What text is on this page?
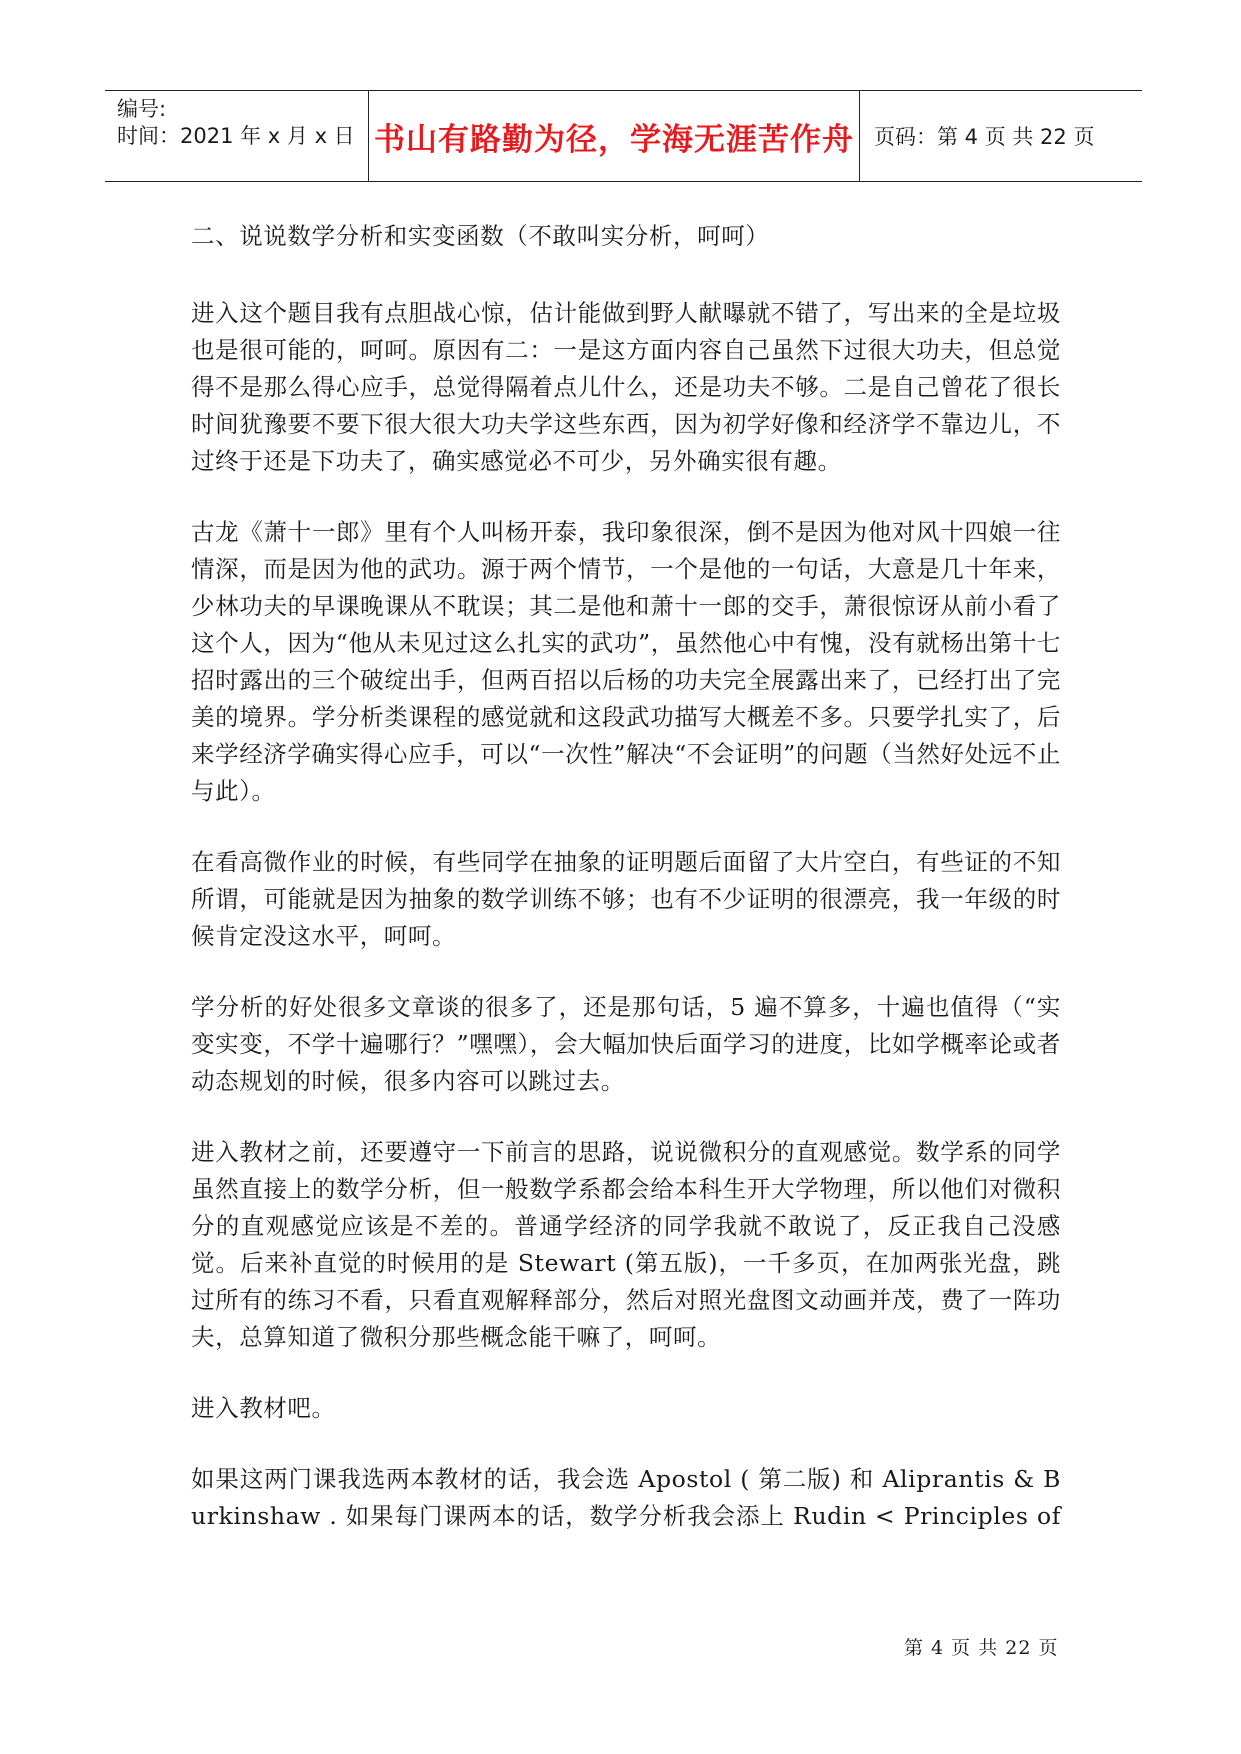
编号:
时间：2021 年 x 月 x 日 书山有路勤为径，学海无涯苦作舟 页码：第 4 页 共 22 页

二、说说数学分析和实变函数（不敢叫实分析，呵呵）

进入这个题目我有点胆战心惊，估计能做到野人献曝就不错了，写出来的全是垃圾也是很可能的，呵呵。原因有二：一是这方面内容自己虽然下过很大功夫，但总觉得不是那么得心应手，总觉得隔着点儿什么，还是功夫不够。二是自己曾花了很长时间犹豫要不要下很大很大功夫学这些东西，因为初学好像和经济学不靠边儿，不过终于还是下功夫了，确实感觉必不可少，另外确实很有趣。

古龙《萧十一郎》里有个人叫杨开泰，我印象很深，倒不是因为他对风十四娘一往情深，而是因为他的武功。源于两个情节，一个是他的一句话，大意是几十年来，少林功夫的早课晚课从不耽误；其二是他和萧十一郎的交手，萧很惊讶从前小看了这个人，因为“他从未见过这么扎实的武功”，虽然他心中有愧，没有就杨出第十七招时露出的三个破绽出手，但两百招以后杨的功夫完全展露出来了，已经打出了完美的境界。学分析类课程的感觉就和这段武功描写大概差不多。只要学扎实了，后来学经济学确实得心应手，可以“一次性”解决“不会证明”的问题（当然好处远不止与此）。

在看高微作业的时候，有些同学在抽象的证明题后面留了大片空白，有些证的不知所谓，可能就是因为抽象的数学训练不够；也有不少证明的很漂亮，我一年级的时候肯定没这水平，呵呵。

学分析的好处很多文章谈的很多了，还是那句话，5 遍不算多，十遍也值得（“实变实变，不学十遍哪行？”嘿嘿），会大幅加快后面学习的进度，比如学概率论或者动态规划的时候，很多内容可以跳过去。

进入教材之前，还要遵守一下前言的思路，说说微积分的直观感觉。数学系的同学虽然直接上的数学分析，但一般数学系都会给本科生开大学物理，所以他们对微积分的直观感觉应该是不差的。普通学经济的同学我就不敢说了，反正我自己没感觉。后来补直觉的时候用的是 Stewart (第五版)，一千多页，在加两张光盘，跳过所有的练习不看，只看直观解释部分，然后对照光盘图文动画并茂，费了一阵功夫，总算知道了微积分那些概念能干嘛了，呵呵。

进入教材吧。

如果这两门课我选两本教材的话，我会选 Apostol ( 第二版) 和 Aliprantis & Burkinshaw . 如果每门课两本的话，数学分析我会添上 Rudin < Principles of

第 4 页 共 22 页
